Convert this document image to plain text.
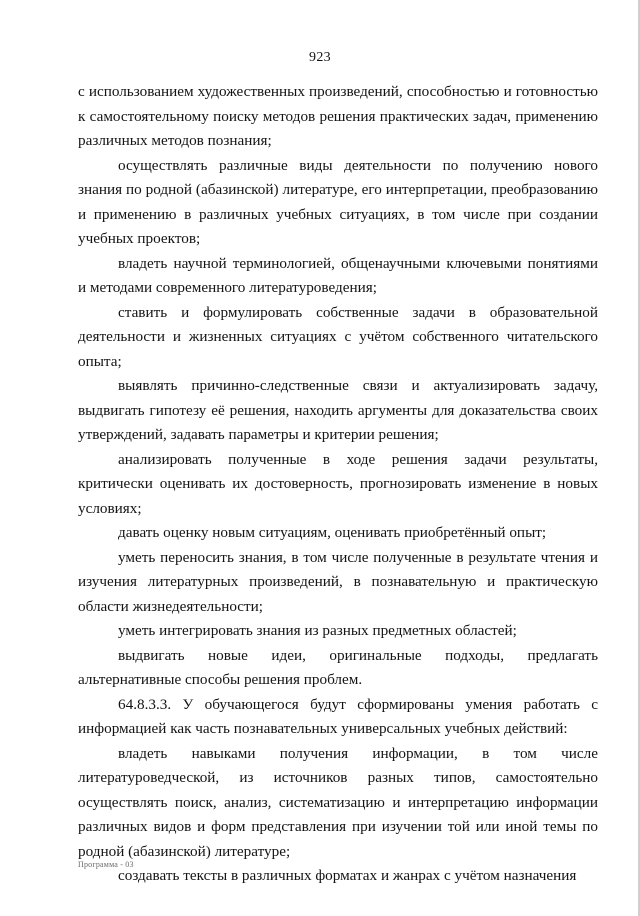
923

с использованием художественных произведений, способностью и готовностью к самостоятельному поиску методов решения практических задач, применению различных методов познания;

осуществлять различные виды деятельности по получению нового знания по родной (абазинской) литературе, его интерпретации, преобразованию и применению в различных учебных ситуациях, в том числе при создании учебных проектов;

владеть научной терминологией, общенаучными ключевыми понятиями и методами современного литературоведения;

ставить и формулировать собственные задачи в образовательной деятельности и жизненных ситуациях с учётом собственного читательского опыта;

выявлять причинно-следственные связи и актуализировать задачу, выдвигать гипотезу её решения, находить аргументы для доказательства своих утверждений, задавать параметры и критерии решения;

анализировать полученные в ходе решения задачи результаты, критически оценивать их достоверность, прогнозировать изменение в новых условиях;

давать оценку новым ситуациям, оценивать приобретённый опыт;

уметь переносить знания, в том числе полученные в результате чтения и изучения литературных произведений, в познавательную и практическую области жизнедеятельности;

уметь интегрировать знания из разных предметных областей;

выдвигать новые идеи, оригинальные подходы, предлагать альтернативные способы решения проблем.

64.8.3.3. У обучающегося будут сформированы умения работать с информацией как часть познавательных универсальных учебных действий:

владеть навыками получения информации, в том числе литературоведческой, из источников разных типов, самостоятельно осуществлять поиск, анализ, систематизацию и интерпретацию информации различных видов и форм представления при изучении той или иной темы по родной (абазинской) литературе;

создавать тексты в различных форматах и жанрах с учётом назначения

Программа - 03
